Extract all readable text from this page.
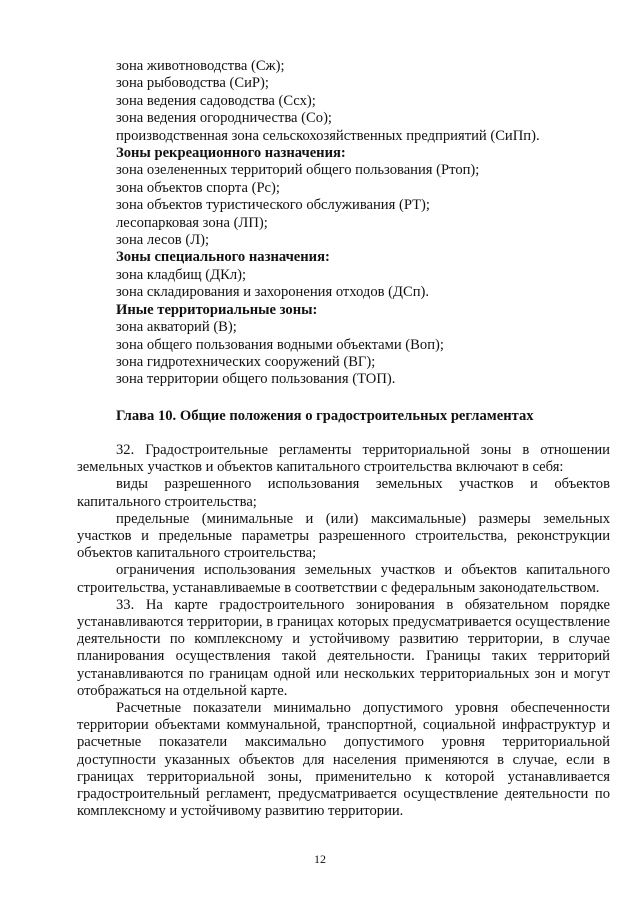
зона животноводства (Сж);
зона рыбоводства (СиР);
зона ведения садоводства (Ссх);
зона ведения огородничества (Со);
производственная зона сельскохозяйственных предприятий (СиПп).
Зоны рекреационного назначения:
зона озелененных территорий общего пользования (Ртоп);
зона объектов спорта (Рс);
зона объектов туристического обслуживания (РТ);
лесопарковая зона (ЛП);
зона лесов (Л);
Зоны специального назначения:
зона кладбищ (ДКл);
зона складирования и захоронения отходов (ДСп).
Иные территориальные зоны:
зона акваторий (В);
зона общего пользования водными объектами (Воп);
зона гидротехнических сооружений (ВГ);
зона территории общего пользования (ТОП).
Глава 10. Общие положения о градостроительных регламентах

32. Градостроительные регламенты территориальной зоны в отношении земельных участков и объектов капитального строительства включают в себя:

виды разрешенного использования земельных участков и объектов капитального строительства;

предельные (минимальные и (или) максимальные) размеры земельных участков и предельные параметры разрешенного строительства, реконструкции объектов капитального строительства;

ограничения использования земельных участков и объектов капитального строительства, устанавливаемые в соответствии с федеральным законодательством.

33. На карте градостроительного зонирования в обязательном порядке устанавливаются территории, в границах которых предусматривается осуществление деятельности по комплексному и устойчивому развитию территории, в случае планирования осуществления такой деятельности. Границы таких территорий устанавливаются по границам одной или нескольких территориальных зон и могут отображаться на отдельной карте.

Расчетные показатели минимально допустимого уровня обеспеченности территории объектами коммунальной, транспортной, социальной инфраструктур и расчетные показатели максимально допустимого уровня территориальной доступности указанных объектов для населения применяются в случае, если в границах территориальной зоны, применительно к которой устанавливается градостроительный регламент, предусматривается осуществление деятельности по комплексному и устойчивому развитию территории.

12
